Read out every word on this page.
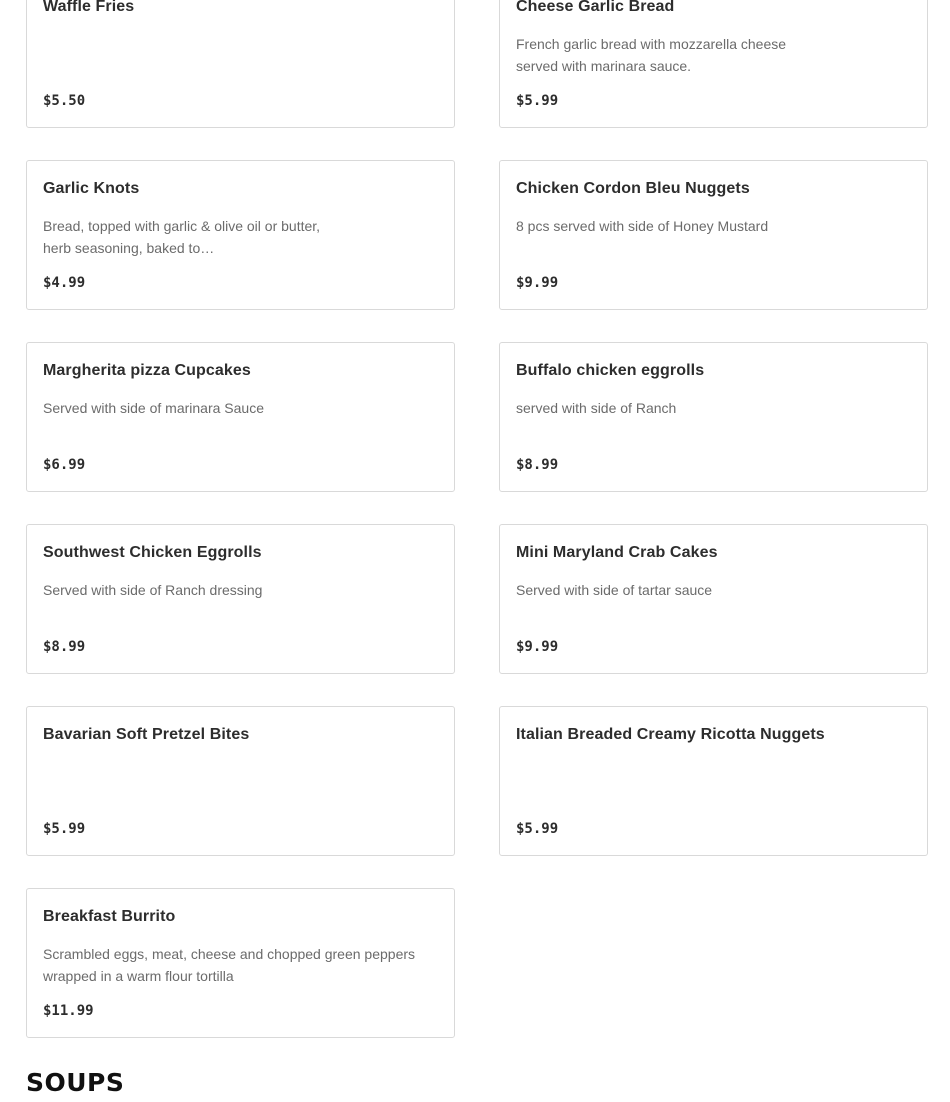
Waffle Fries
$5.50
Cheese Garlic Bread
French garlic bread with mozzarella cheese served with marinara sauce.
$5.99
Garlic Knots
Bread, topped with garlic & olive oil or butter, herb seasoning, baked to…
$4.99
Chicken Cordon Bleu Nuggets
8 pcs served with side of Honey Mustard
$9.99
Margherita pizza Cupcakes
Served with side of marinara Sauce
$6.99
Buffalo chicken eggrolls
served with side of Ranch
$8.99
Southwest Chicken Eggrolls
Served with side of Ranch dressing
$8.99
Mini Maryland Crab Cakes
Served with side of tartar sauce
$9.99
Bavarian Soft Pretzel Bites
$5.99
Italian Breaded Creamy Ricotta Nuggets
$5.99
Breakfast Burrito
Scrambled eggs, meat, cheese and chopped green peppers wrapped in a warm flour tortilla
$11.99
SOUPS
